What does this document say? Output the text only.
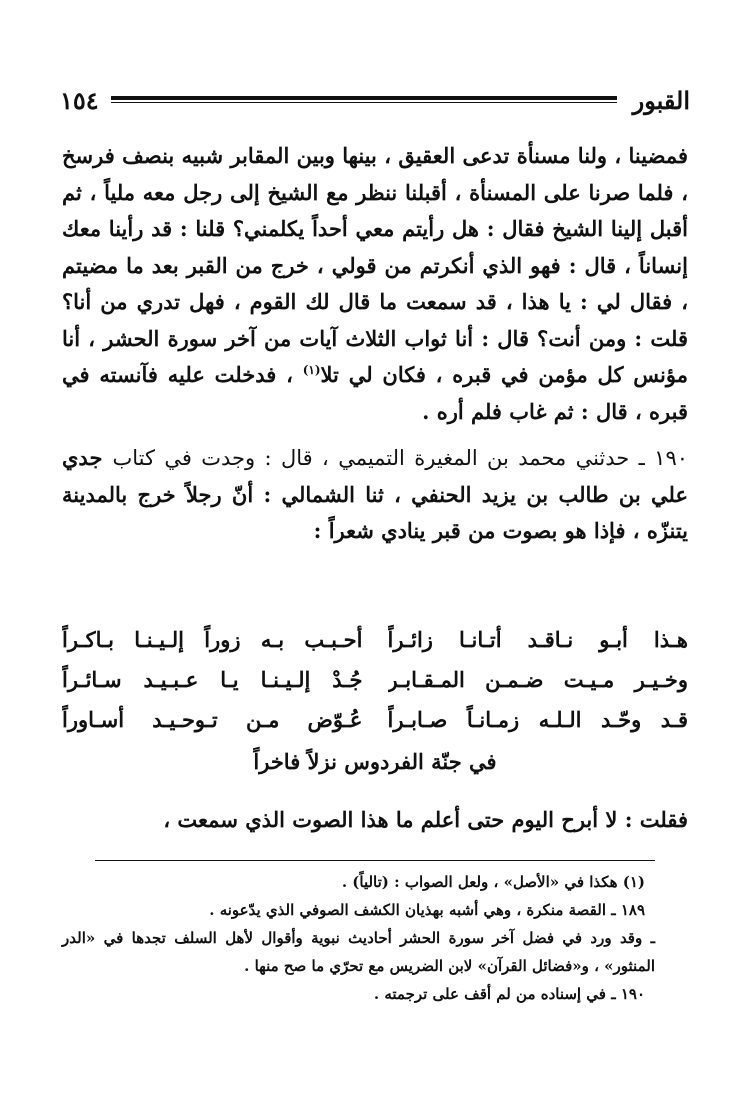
القبور
١٥٤

فمضينا ، ولنا مسنأة تدعى العقيق ، بينها وبين المقابر شبيه بنصف فرسخ ، فلما صرنا على المسنأة ، أقبلنا ننظر مع الشيخ إلى رجل معه ملياً ، ثم أقبل إلينا الشيخ فقال : هل رأيتم معي أحداً يكلمني؟ قلنا : قد رأينا معك إنساناً ، قال : فهو الذي أنكرتم من قولي ، خرج من القبر بعد ما مضيتم ، فقال لي : يا هذا ، قد سمعت ما قال لك القوم ، فهل تدري من أنا؟ قلت : ومن أنت؟ قال : أنا ثواب الثلاث آيات من آخر سورة الحشر ، أنا مؤنس كل مؤمن في قبره ، فكان لي تلا$^{(١)}$ ، فدخلت عليه فآنسته في قبره ، قال : ثم غاب فلم أره .

١٩٠ ـ حدثني محمد بن المغيرة التميمي ، قال : وجدت في كتاب جدي علي بن طالب بن يزيد الحنفي ، ثنا الشمالي : أنّ رجلاً خرج بالمدينة يتنزّه ، فإذا هو بصوت من قبر ينادي شعراً :

هـذا أبـو نـاقـد أتـانـا زائـراً
أحـبـب بـه زوراً إلـيـنـا بـاكـراً
وخـيـر مـيـت ضـمـن المـقـابـر
جُـدْ إلـيـنـا يـا عـبـيـد سـائـراً
قـد وحّـد الـلـه زمـانـاً صـابـراً
عُـوّض مـن تـوحـيـد أسـاوراً
في جنّة الفردوس نزلاً فاخراً
فقلت : لا أبرح اليوم حتى أعلم ما هذا الصوت الذي سمعت ،

(١) هكذا في «الأصل» ، ولعل الصواب : (تالياً) .

١٨٩ ـ القصة منكرة ، وهي أشبه بهذيان الكشف الصوفي الذي يدّعونه .

ـ وقد ورد في فضل آخر سورة الحشر أحاديث نبوية وأقوال لأهل السلف تجدها في «الدر المنثور» ، و«فضائل القرآن» لابن الضريس مع تحرّي ما صح منها .

١٩٠ ـ في إسناده من لم أقف على ترجمته .
